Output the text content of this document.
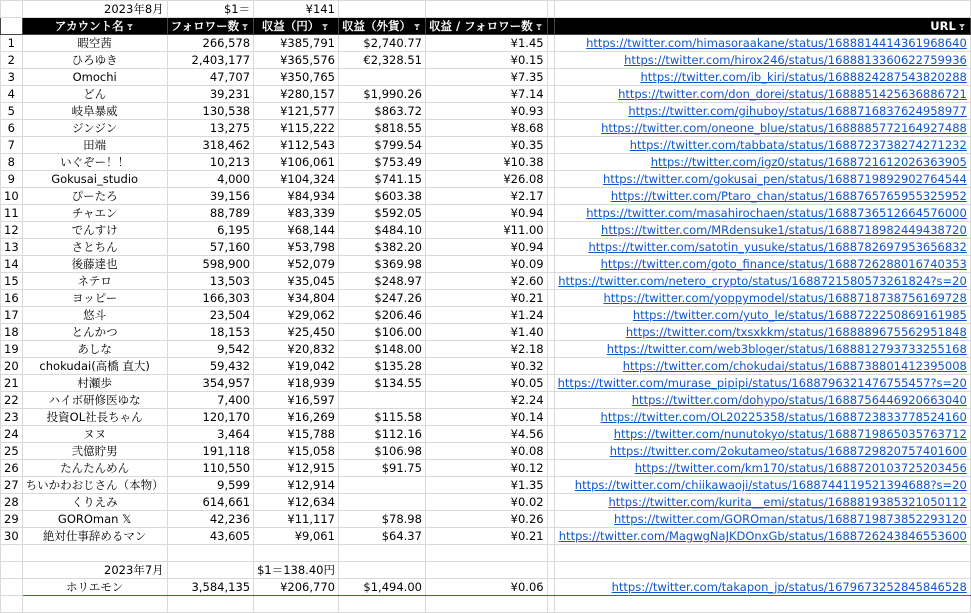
	2023年8月	$1＝	¥141				
	アカウント名	フォロワー数	収益（円）	収益（外貨）	収益 / フォロワー数		URL
1	暇空茜	266,578	¥385,791	$2,740.77	¥1.45		https://twitter.com/himasoraakane/status/1688814414361968640
2	ひろゆき	2,403,177	¥365,576	€2,328.51	¥0.15		https://twitter.com/hirox246/status/1688813360622759936
3	Omochi	47,707	¥350,765		¥7.35		https://twitter.com/ib_kiri/status/1688824287543820288
4	どん	39,231	¥280,157	$1,990.26	¥7.14		https://twitter.com/don_dorei/status/1688851425636886721
5	岐阜暴威	130,538	¥121,577	$863.72	¥0.93		https://twitter.com/gihuboy/status/1688716837624958977
6	ジンジン	13,275	¥115,222	$818.55	¥8.68		https://twitter.com/oneone_blue/status/1688885772164927488
7	田端	318,462	¥112,543	$799.54	¥0.35		https://twitter.com/tabbata/status/1688723738274271232
8	いぐぞー！！	10,213	¥106,061	$753.49	¥10.38		https://twitter.com/igz0/status/1688721612026363905
9	Gokusai_studio	4,000	¥104,324	$741.15	¥26.08		https://twitter.com/gokusai_pen/status/1688719892902764544
10	ぴーたろ	39,156	¥84,934	$603.38	¥2.17		https://twitter.com/Ptaro_chan/status/1688765765955325952
11	チャエン	88,789	¥83,339	$592.05	¥0.94		https://twitter.com/masahirochaen/status/1688736512664576000
12	でんすけ	6,195	¥68,144	$484.10	¥11.00		https://twitter.com/MRdensuke1/status/1688718982449438720
13	さとちん	57,160	¥53,798	$382.20	¥0.94		https://twitter.com/satotin_yusuke/status/1688782697953656832
14	後藤達也	598,900	¥52,079	$369.98	¥0.09		https://twitter.com/goto_finance/status/1688726288016740353
15	ネテロ	13,503	¥35,045	$248.97	¥2.60		https://twitter.com/netero_crypto/status/1688721580573261824?s=20
16	ヨッピー	166,303	¥34,804	$247.26	¥0.21		https://twitter.com/yoppymodel/status/1688718738756169728
17	悠斗	23,504	¥29,062	$206.46	¥1.24		https://twitter.com/yuto_le/status/1688722250869161985
18	とんかつ	18,153	¥25,450	$106.00	¥1.40		https://twitter.com/txsxkkm/status/1688889675562951848
19	あしな	9,542	¥20,832	$148.00	¥2.18		https://twitter.com/web3bloger/status/1688812793733255168
20	chokudai(高橋 直大)	59,432	¥19,042	$135.28	¥0.32		https://twitter.com/chokudai/status/1688738801412395008
21	村瀬歩	354,957	¥18,939	$134.55	¥0.05		https://twitter.com/murase_pipipi/status/1688796321476755457?s=20
22	ハイボ研修医ゆな	7,400	¥16,597		¥2.24		https://twitter.com/dohypo/status/1688756446920663040
23	投資OL社長ちゃん	120,170	¥16,269	$115.58	¥0.14		https://twitter.com/OL20225358/status/1688723833778524160
24	ヌヌ	3,464	¥15,788	$112.16	¥4.56		https://twitter.com/nunutokyo/status/1688719865035763712
25	弐億貯男	191,118	¥15,058	$106.98	¥0.08		https://twitter.com/2okutameo/status/1688729820757401600
26	たんたんめん	110,550	¥12,915	$91.75	¥0.12		https://twitter.com/km170/status/1688720103725203456
27	ちいかわおじさん（本物）	9,599	¥12,914		¥1.35		https://twitter.com/chiikawaoji/status/1688744119521394688?s=20
28	くりえみ	614,661	¥12,634		¥0.02		https://twitter.com/kurita__emi/status/1688819385321050112
29	GOROman 𝕏	42,236	¥11,117	$78.98	¥0.26		https://twitter.com/GOROman/status/1688719873852293120
30	絶対仕事辞めるマン	43,605	¥9,061	$64.37	¥0.21		https://twitter.com/MagwgNaJKDOnxGb/status/1688726243846553600

	2023年7月		$1＝138.40円				
	ホリエモン	3,584,135	¥206,770	$1,494.00	¥0.06		https://twitter.com/takapon_jp/status/1679673252845846528
